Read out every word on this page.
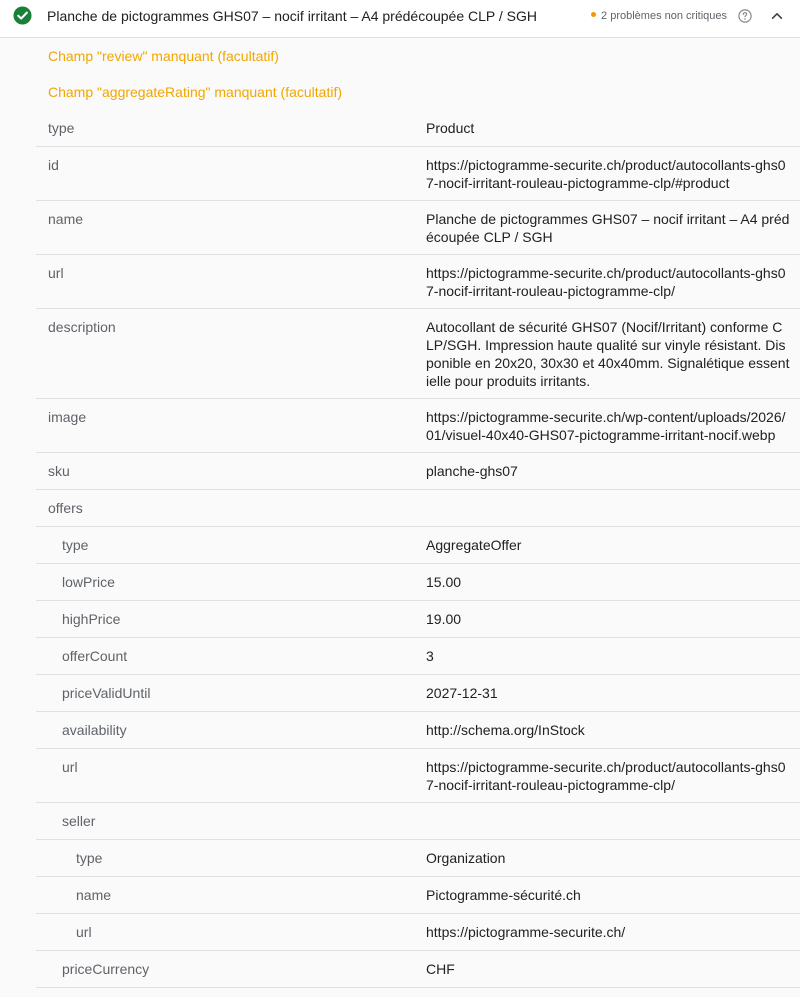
Planche de pictogrammes GHS07 – nocif irritant – A4 prédécoupée CLP / SGH	2 problèmes non critiques
Champ "review" manquant (facultatif)
Champ "aggregateRating" manquant (facultatif)
type	Product
id	https://pictogramme-securite.ch/product/autocollants-ghs07-nocif-irritant-rouleau-pictogramme-clp/#product
name	Planche de pictogrammes GHS07 – nocif irritant – A4 prédécoupée CLP / SGH
url	https://pictogramme-securite.ch/product/autocollants-ghs07-nocif-irritant-rouleau-pictogramme-clp/
description	Autocollant de sécurité GHS07 (Nocif/Irritant) conforme CLP/SGH. Impression haute qualité sur vinyle résistant. Disponible en 20x20, 30x30 et 40x40mm. Signalétique essentielle pour produits irritants.
image	https://pictogramme-securite.ch/wp-content/uploads/2026/01/visuel-40x40-GHS07-pictogramme-irritant-nocif.webp
sku	planche-ghs07
offers
type	AggregateOffer
lowPrice	15.00
highPrice	19.00
offerCount	3
priceValidUntil	2027-12-31
availability	http://schema.org/InStock
url	https://pictogramme-securite.ch/product/autocollants-ghs07-nocif-irritant-rouleau-pictogramme-clp/
seller
type	Organization
name	Pictogramme-sécurité.ch
url	https://pictogramme-securite.ch/
priceCurrency	CHF
